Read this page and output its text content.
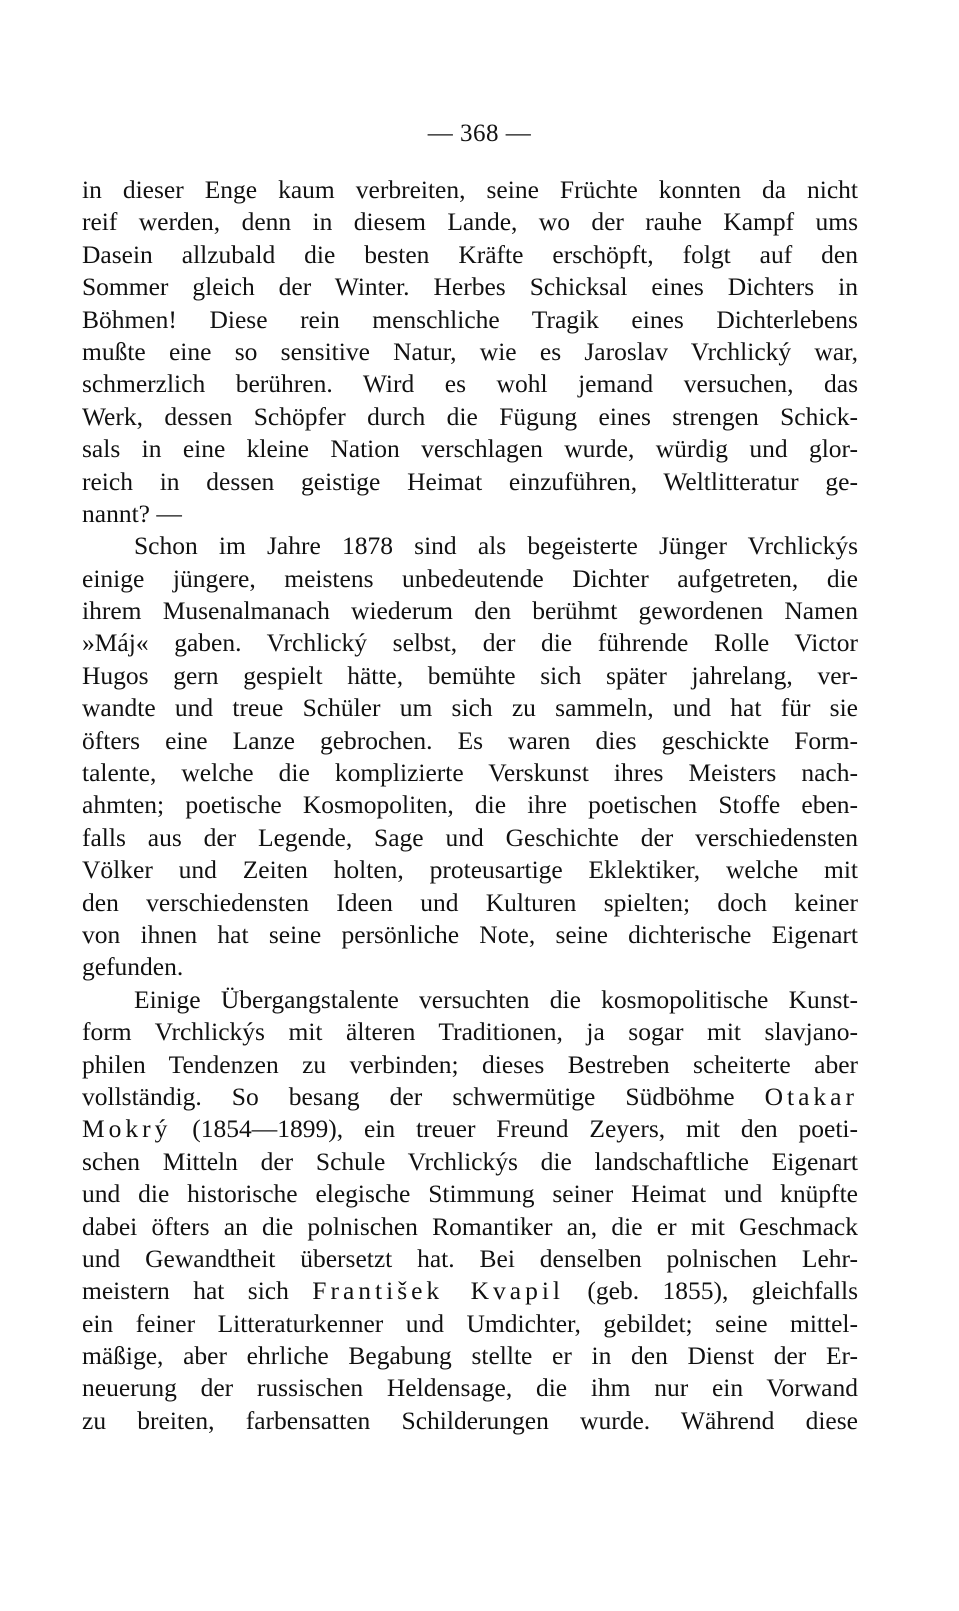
— 368 —
in dieser Enge kaum verbreiten, seine Früchte konnten da nicht
reif werden, denn in diesem Lande, wo der rauhe Kampf ums
Dasein allzubald die besten Kräfte erschöpft, folgt auf den
Sommer gleich der Winter. Herbes Schicksal eines Dichters in
Böhmen! Diese rein menschliche Tragik eines Dichterlebens
mußte eine so sensitive Natur, wie es Jaroslav Vrchlický war,
schmerzlich berühren. Wird es wohl jemand versuchen, das
Werk, dessen Schöpfer durch die Fügung eines strengen Schick-
sals in eine kleine Nation verschlagen wurde, würdig und glor-
reich in dessen geistige Heimat einzuführen, Weltlitteratur ge-
nannt? —
Schon im Jahre 1878 sind als begeisterte Jünger Vrchlickýs
einige jüngere, meistens unbedeutende Dichter aufgetreten, die
ihrem Musenalmanach wiederum den berühmt gewordenen Namen
»Máj« gaben. Vrchlický selbst, der die führende Rolle Victor
Hugos gern gespielt hätte, bemühte sich später jahrelang, ver-
wandte und treue Schüler um sich zu sammeln, und hat für sie
öfters eine Lanze gebrochen. Es waren dies geschickte Form-
talente, welche die komplizierte Verskunst ihres Meisters nach-
ahmten; poetische Kosmopoliten, die ihre poetischen Stoffe eben-
falls aus der Legende, Sage und Geschichte der verschiedensten
Völker und Zeiten holten, proteusartige Eklektiker, welche mit
den verschiedensten Ideen und Kulturen spielten; doch keiner
von ihnen hat seine persönliche Note, seine dichterische Eigenart
gefunden.
Einige Übergangstalente versuchten die kosmopolitische Kunst-
form Vrchlickýs mit älteren Traditionen, ja sogar mit slavjano-
philen Tendenzen zu verbinden; dieses Bestreben scheiterte aber
vollständig. So besang der schwermütige Südböhme Otakar
Mokrý (1854—1899), ein treuer Freund Zeyers, mit den poeti-
schen Mitteln der Schule Vrchlickýs die landschaftliche Eigenart
und die historische elegische Stimmung seiner Heimat und knüpfte
dabei öfters an die polnischen Romantiker an, die er mit Geschmack
und Gewandtheit übersetzt hat. Bei denselben polnischen Lehr-
meistern hat sich František Kvapil (geb. 1855), gleichfalls
ein feiner Litteraturkenner und Umdichter, gebildet; seine mittel-
mäßige, aber ehrliche Begabung stellte er in den Dienst der Er-
neuerung der russischen Heldensage, die ihm nur ein Vorwand
zu breiten, farbensatten Schilderungen wurde. Während diese
